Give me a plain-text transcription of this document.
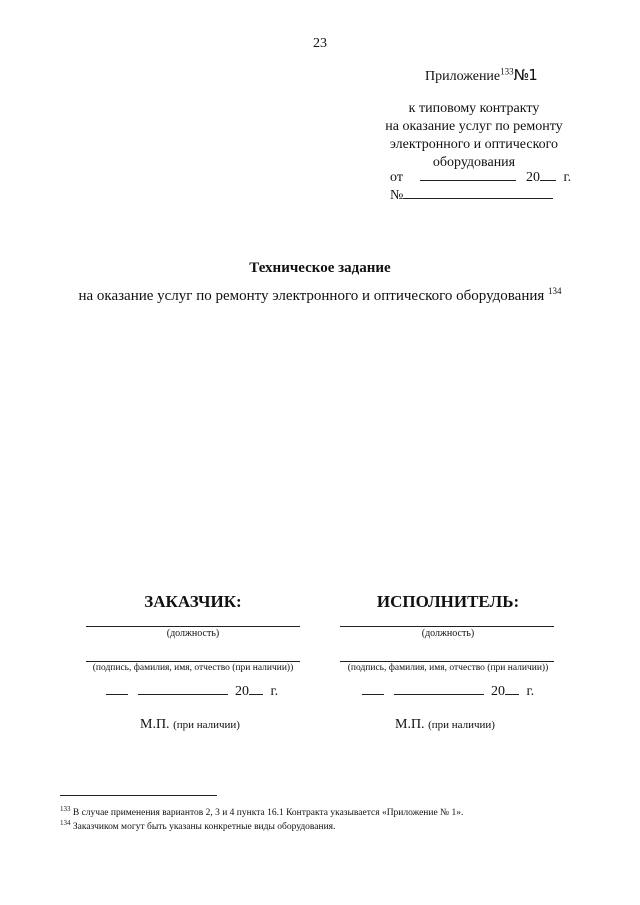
23
Приложение$^{133}$№1
к типовому контракту
на оказание услуг по ремонту
электронного и оптического
оборудования
от	20 г.
№
Техническое задание
на оказание услуг по ремонту электронного и оптического оборудования $^{134}$
ЗАКАЗЧИК:
(должность)
(подпись, фамилия, имя, отчество (при наличии))
20 г.
М.П. (при наличии)
ИСПОЛНИТЕЛЬ:
(должность)
(подпись, фамилия, имя, отчество (при наличии))
20 г.
М.П. (при наличии)
$^{133}$ В случае применения вариантов 2, 3 и 4 пункта 16.1 Контракта указывается «Приложение № 1».
$^{134}$ Заказчиком могут быть указаны конкретные виды оборудования.
